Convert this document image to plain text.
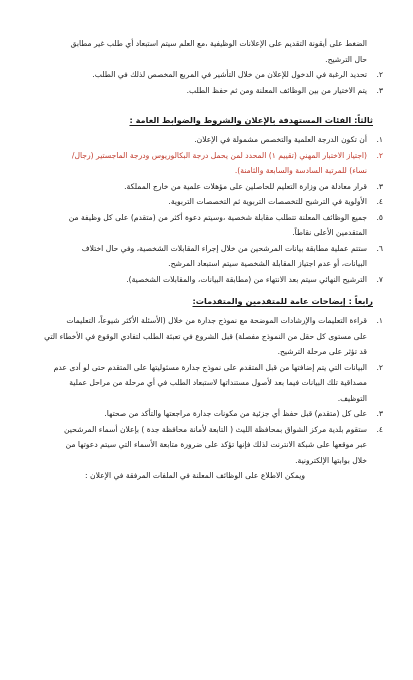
الضغط على أيقونة التقديم على الإعلانات الوظيفية ،مع العلم سيتم استبعاد أي طلب غير مطابق
حال الترشيح.
٢.
تحديد الرغبة في الدخول للإعلان من خلال التأشير في المربع المخصص لذلك في الطلب.
٣.
يتم الاختيار من بين الوظائف المعلنة ومن ثم حفظ الطلب.
ثالثاً: الفئات المستهدفة بالإعلان والشروط والضوابط العامة :
١.
أن تكون الدرجة العلمية والتخصص مشمولة في الإعلان.
٢.
(اجتياز الاختبار المهني (تقييم ١) المحدد لمن يحمل درجة البكالوريوس ودرجة الماجستير (رجال/
نساء) للمرتبة السادسة والسابعة والثامنة).
٣.
قرار معادلة من وزارة التعليم للحاصلين على مؤهلات علمية من خارج المملكة.
٤.
الأولوية في الترشيح للتخصصات التربوية ثم التخصصات التربوية.
٥.
جميع الوظائف المعلنة تتطلب مقابلة شخصية ،وسيتم دعوة أكثر من (متقدم) على كل وظيفة من
المتقدمين الأعلى نقاطاً.
٦.
ستتم عملية مطابقة بيانات المرشحين من خلال إجراء المقابلات الشخصية، وفي حال اختلاف
البيانات، أو عدم اجتياز المقابلة الشخصية سيتم استبعاد المرشح.
٧.
الترشيح النهائي سيتم بعد الانتهاء من (مطابقة البيانات، والمقابلات الشخصية).
رابعاً : إيضاحات عامة للمتقدمين والمتقدمات:
١.
قراءة التعليمات والإرشادات الموضحة مع نموذج جدارة من خلال (الأسئلة الأكثر شيوعاً، التعليمات
على مستوى كل حقل من النموذج مفصلة) قبل الشروع في تعبئة الطلب لتفادي الوقوع في الأخطاء التي
قد تؤثر على مرحلة الترشيح.
٢.
البيانات التي يتم إضافتها من قبل المتقدم على نموذج جدارة مسئوليتها على المتقدم حتى لو أدى عدم
مصداقية تلك البيانات فيما بعد لأصول مستنداتها لاستبعاد الطلب في أي مرحلة من مراحل عملية
التوظيف.
٣.
على كل (متقدم) قبل حفظ أي جزئية من مكونات جدارة مراجعتها والتأكد من صحتها.
٤.
ستقوم بلدية مركز الشواق بمحافظة الليث ( التابعة لأمانة محافظة جدة ) بإعلان أسماء المرشحين
عبر موقعها على شبكة الانترنت لذلك فإنها تؤكد على ضرورة متابعة الأسماء التي سيتم دعوتها من
خلال بوابتها الإلكترونية.
ويمكن الاطلاع على الوظائف المعلنة في الملفات المرفقة في الإعلان :
